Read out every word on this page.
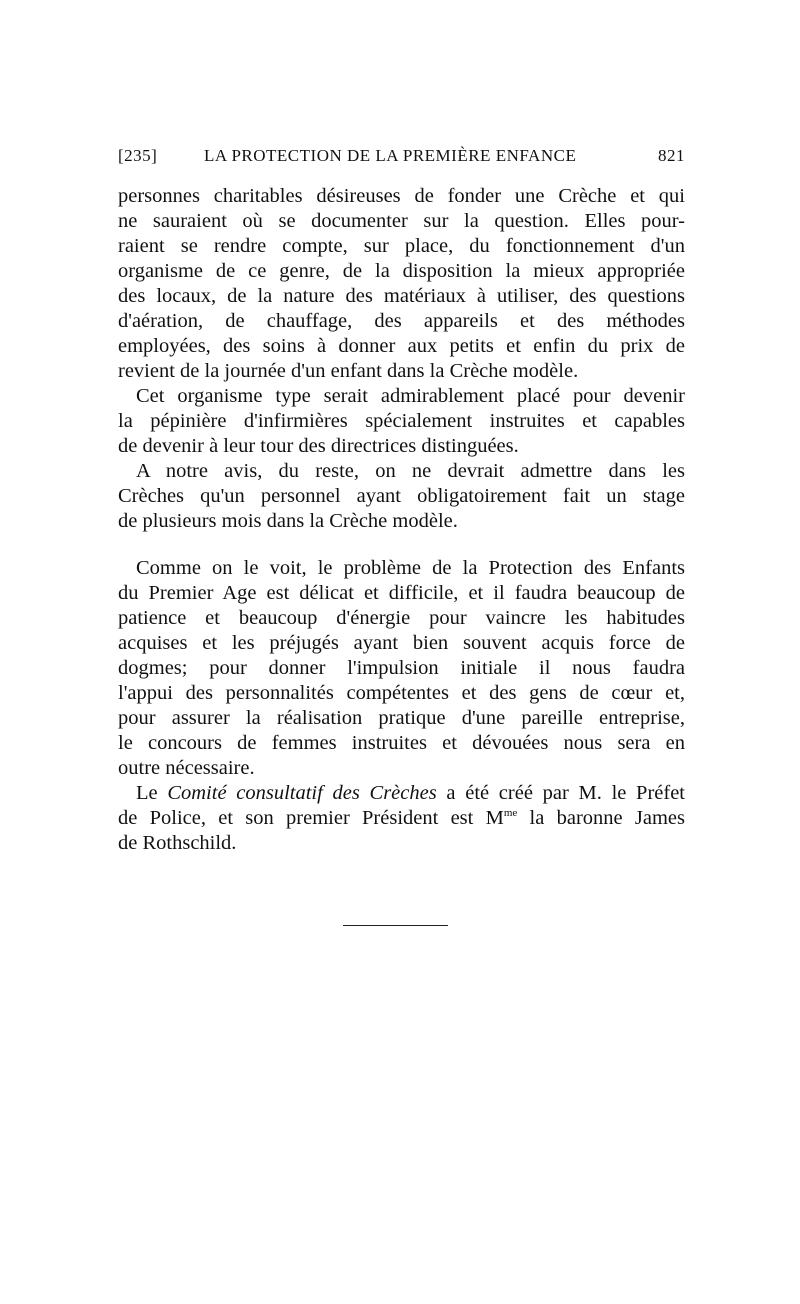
[235]	LA PROTECTION DE LA PREMIÈRE ENFANCE	821
personnes charitables désireuses de fonder une Crèche et qui
ne sauraient où se documenter sur la question. Elles pour-
raient se rendre compte, sur place, du fonctionnement d'un
organisme de ce genre, de la disposition la mieux appropriée
des locaux, de la nature des matériaux à utiliser, des questions
d'aération, de chauffage, des appareils et des méthodes
employées, des soins à donner aux petits et enfin du prix de
revient de la journée d'un enfant dans la Crèche modèle.
Cet organisme type serait admirablement placé pour devenir
la pépinière d'infirmières spécialement instruites et capables
de devenir à leur tour des directrices distinguées.
A notre avis, du reste, on ne devrait admettre dans les
Crèches qu'un personnel ayant obligatoirement fait un stage
de plusieurs mois dans la Crèche modèle.
Comme on le voit, le problème de la Protection des Enfants
du Premier Age est délicat et difficile, et il faudra beaucoup de
patience et beaucoup d'énergie pour vaincre les habitudes
acquises et les préjugés ayant bien souvent acquis force de
dogmes; pour donner l'impulsion initiale il nous faudra
l'appui des personnalités compétentes et des gens de cœur et,
pour assurer la réalisation pratique d'une pareille entreprise,
le concours de femmes instruites et dévouées nous sera en
outre nécessaire.
Le Comité consultatif des Crèches a été créé par M. le Préfet
de Police, et son premier Président est $M^{me}$ la baronne James
de Rothschild.
